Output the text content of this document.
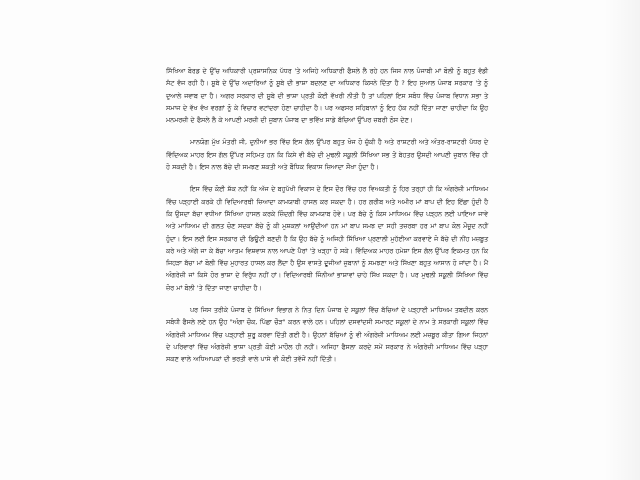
ਸਿੱਖਿਆ ਬੋਰਡ ਦੇ ਉੱਚ ਅਧਿਕਾਰੀ ਪ੍ਰਸ਼ਾਸਨਿਕ ਪੱਧਰ 'ਤੇ ਅਜਿਹੇ ਅਧਿਕਾਰੀ ਫੈਸਲੇ ਲੈ ਰਹੇ ਹਨ ਜਿਸ ਨਾਲ ਪੰਜਾਬੀ ਮਾਂ ਬੋਲੀ ਨੂੰ ਬਹੁਤ ਵੱਡੀ ਸੱਟ ਵੱਜ ਰਹੀ ਹੈ। ਸੂਬੇ ਦੇ ਉੱਚ ਅਦਾਰਿਆਂ ਨੂੰ ਸੂਬੇ ਦੀ ਭਾਸ਼ਾ ਬਦਲਣ ਦਾ ਅਧਿਕਾਰ ਕਿਸਨੇ ਦਿੱਤਾ ਹੈ ? ਇਹ ਸੁਆਲ ਪੰਜਾਬ ਸਰਕਾਰ 'ਤੇ ਨੂੰ ਦੁਆਲੇ ਜਵਾਬ ਦਾ ਹੈ। ਅਗਰ ਸਰਕਾਰ ਦੀ ਸੂਬੇ ਦੀ ਭਾਸ਼ਾ ਪ੍ਰਤੀ ਕੋਈ ਵੱਖਰੀ ਨੀਤੀ ਹੈ ਤਾਂ ਪਹਿਲਾਂ ਇਸ ਸਬੰਧ ਵਿੱਚ ਪੰਜਾਬ ਵਿਧਾਨ ਸਭਾ ਤੇ ਸਮਾਜ ਦੇ ਵੱਖ ਵੱਖ ਵਰਗਾਂ ਨੂੰ ਕੇ ਵਿਚਾਰ ਵਟਾਂਦਰਾ ਹੋਣਾ ਚਾਹੀਦਾ ਹੈ। ਪਰ ਅਫਸਰ ਸਹਿਬਾਨਾਂ ਨੂੰ ਇਹ ਹੱਕ ਨਹੀਂ ਦਿੱਤਾ ਜਾਣਾ ਚਾਹੀਦਾ ਕਿ ਉਹ ਮਨਮਰਜ਼ੀ ਦੇ ਫੈਸਲੇ ਲੈ ਕੇ ਆਪਣੀ ਮਰਜ਼ੀ ਦੀ ਜ਼ੁਬਾਨ ਪੰਜਾਬ ਦਾ ਭਵਿੱਖ ਸਾਡੇ ਬੱਚਿਆਂ ਉੱਪਰ ਜ਼ਬਰੀ ਠੋਸ ਦੇਣ।

ਮਾਨਯੋਗ ਮੁੱਖ ਮੰਤਰੀ ਜੀ, ਦੁਨੀਆਂ ਭਰ ਵਿੱਚ ਇਸ ਗੱਲ ਉੱਪਰ ਬਹੁਤ ਖੋਜ ਹੋ ਚੁੱਕੀ ਹੈ ਅਤੇ ਰਾਸ਼ਟਰੀ ਅਤੇ ਅੰਤਰ-ਰਾਸ਼ਟਰੀ ਪੱਧਰ ਦੇ ਵਿੱਦਿਅਕ ਮਾਹਰ ਇਸ ਗੱਲ ਉੱਪਰ ਸਹਿਮਤ ਹਨ ਕਿ ਕਿਸੇ ਵੀ ਬੱਚੇ ਦੀ ਮੁਢਲੀ ਸਕੂਲੀ ਸਿੱਖਿਆ ਸਭ ਤੋਂ ਬੇਹਤਰ ਉਸਦੀ ਆਪਣੀ ਜ਼ੁਬਾਨ ਵਿੱਚ ਹੀ ਹੋ ਸਕਦੀ ਹੈ। ਇਸ ਨਾਲ ਬੱਚੇ ਦੀ ਸਮਝਣ ਸ਼ਕਤੀ ਅਤੇ ਬੌਧਿਕ ਵਿਕਾਸ ਜ਼ਿਆਦਾ ਸੌਖਾ ਹੁੰਦਾ ਹੈ।

ਇਸ ਵਿੱਚ ਕੋਈ ਸ਼ੱਕ ਨਹੀਂ ਕਿ ਅੱਜ ਦੇ ਬਹੁਪੱਖੀ ਵਿਕਾਸ ਦੇ ਇਸ ਦੌਰ ਵਿੱਚ ਹਰ ਵਿਅਕਤੀ ਨੂੰ ਹਿਰ ਤਰ੍ਹਾਂ ਹੀ ਕਿ ਅੰਗਰੇਜ਼ੀ ਮਾਧਿਅਮ ਵਿੱਚ ਪੜ੍ਹਾਈ ਕਰਕੇ ਹੀ ਵਿਦਿਆਰਥੀ ਜ਼ਿਆਦਾ ਕਾਮਯਾਬੀ ਹਾਸਲ ਕਰ ਸਕਦਾ ਹੈ। ਹਰ ਗਰੀਬ ਅਤੇ ਅਮੀਰ ਮਾਂ ਬਾਪ ਦੀ ਇਹ ਇੱਛਾ ਹੁੰਦੀ ਹੈ ਕਿ ਉਸਦਾ ਬੱਚਾ ਵਧੀਆ ਸਿੱਖਿਆ ਹਾਸਲ ਕਰਕੇ ਜ਼ਿੰਦਗੀ ਵਿੱਚ ਕਾਮਯਾਬ ਹੋਵੇ। ਪਰ ਬੱਚੇ ਨੂੰ ਕਿਸ ਮਾਧਿਅਮ ਵਿੱਚ ਪੜ੍ਹਨ ਲਈ ਪਾਇਆ ਜਾਵੇ ਅਤੇ ਮਾਧਿਅਮ ਦੀ ਗਲਤ ਚੋਣ ਸਦਕਾ ਬੱਚੇ ਨੂੰ ਕੀ ਮੁਸ਼ਕਲਾਂ ਆਉਂਦੀਆਂ ਹਨ ਮਾਂ ਬਾਪ ਸਮਝ ਦਾ ਸਹੀ ਤਜ਼ਰਬਾ ਹਰ ਮਾਂ ਬਾਪ ਕੋਲ ਮੌਜੂਦ ਨਹੀਂ ਹੁੰਦਾ। ਇਸ ਲਈ ਇਸ ਸਰਕਾਰ ਦੀ ਡਿਊਟੀ ਬਣਦੀ ਹੈ ਕਿ ਉਹ ਬੱਚੇ ਨੂੰ ਅਜਿਹੀ ਸਿੱਖਿਆ ਪ੍ਰਣਾਲੀ ਮੁਹੱਈਆ ਕਰਵਾਏ ਜੋ ਬੱਚੇ ਦੀ ਨੀਂਹ ਮਜ਼ਬੂਤ ਕਰੇ ਅਤੇ ਅੱਗੇ ਜਾ ਕੇ ਬੱਚਾ ਆਤਮ ਵਿਸ਼ਵਾਸ ਨਾਲ ਆਪਣੇ ਪੈਰਾਂ 'ਤੇ ਖੜ੍ਹਾ ਹੋ ਸਕੇ। ਵਿੱਦਿਅਕ ਮਾਹਰ ਹਮੇਸ਼ਾ ਇਸ ਗੱਲ ਉੱਪਰ ਇਕਮਤ ਹਨ ਕਿ ਜਿਹੜਾ ਬੱਚਾ ਮਾਂ ਬੋਲੀ ਵਿੱਚ ਮੁਹਾਰਤ ਹਾਸਲ ਕਰ ਲੈਂਦਾ ਹੈ ਉਸ ਵਾਸਤੇ ਦੂਜੀਆਂ ਜ਼ੁਬਾਨਾਂ ਨੂੰ ਸਮਝਣਾ ਅਤੇ ਸਿੱਖਣਾ ਬਹੁਤ ਆਸਾਨ ਹੋ ਜਾਂਦਾ ਹੈ। ਮੈਂ ਅੰਗਰੇਜ਼ੀ ਜਾਂ ਕਿਸੇ ਹੋਰ ਭਾਸ਼ਾ ਦੇ ਵਿਰੁੱਧ ਨਹੀਂ ਹਾਂ। ਵਿਦਿਆਰਥੀ ਜਿੰਨੀਆਂ ਭਾਸ਼ਾਵਾਂ ਚਾਹੇ ਸਿੱਖ ਸਕਦਾ ਹੈ। ਪਰ ਮੁਢਲੀ ਸਕੂਲੀ ਸਿੱਖਿਆ ਵਿੱਚ ਜ਼ੋਰ ਮਾਂ ਬੋਲੀ 'ਤੇ ਦਿੱਤਾ ਜਾਣਾ ਚਾਹੀਦਾ ਹੈ।

ਪਰ ਜਿਸ ਤਰੀਕੇ ਪੰਜਾਬ ਦੇ ਸਿੱਖਿਆ ਵਿਭਾਗ ਨੇ ਨਿਤ ਦਿਨ ਪੰਜਾਬ ਦੇ ਸਕੂਲਾਂ ਵਿੱਚ ਬੱਚਿਆਂ ਦੇ ਪੜ੍ਹਾਈ ਮਾਧਿਅਮ ਤਬਦੀਲ ਕਰਨ ਸਬੰਧੀ ਫੈਸਲੇ ਲਏ ਹਨ ਉਹ "ਅੰਗਾ ਚੌਕ, ਪਿੱਛਾ ਚੌੜ" ਕਰਨ ਵਾਲੇ ਹਨ। ਪਹਿਲਾਂ ਦਸਵਾਂਦਸੀ ਸਮਾਰਟ ਸਕੂਲਾਂ ਦੇ ਨਾਮ ਤੇ ਸਰਕਾਰੀ ਸਕੂਲਾਂ ਵਿੱਚ ਅੰਗਰੇਜ਼ੀ ਮਾਧਿਅਮ ਵਿੱਚ ਪੜ੍ਹਾਈ ਸ਼ੁਰੂ ਕਰਵਾ ਦਿੱਤੀ ਗਈ ਹੈ। ਉਹਨਾਂ ਬੱਚਿਆਂ ਨੂੰ ਵੀ ਅੰਗਰੇਜ਼ੀ ਮਾਧਿਅਮ ਲਈ ਮਜ਼ਬੂਰ ਕੀਤਾ ਗਿਆ ਜਿਹਨਾਂ ਦੇ ਪਰਿਵਾਰਾਂ ਵਿੱਚ ਅੰਗਰੇਜ਼ੀ ਭਾਸ਼ਾ ਪ੍ਰਤੀ ਕੋਈ ਮਾਹੌਲ ਹੀ ਨਹੀਂ। ਅਜਿਹਾ ਫੈਸਲਾ ਕਰਦੇ ਸਮੇਂ ਸਰਕਾਰ ਨੇ ਅੰਗਰੇਜ਼ੀ ਮਾਧਿਅਮ ਵਿੱਚ ਪੜ੍ਹਾ ਸਕਣ ਵਾਲੇ ਅਧਿਆਪਕਾਂ ਦੀ ਭਰਤੀ ਵਾਲੇ ਪਾਸੇ ਵੀ ਕੋਈ ਤਵੱਜੋਂ ਨਹੀਂ ਦਿੱਤੀ।
